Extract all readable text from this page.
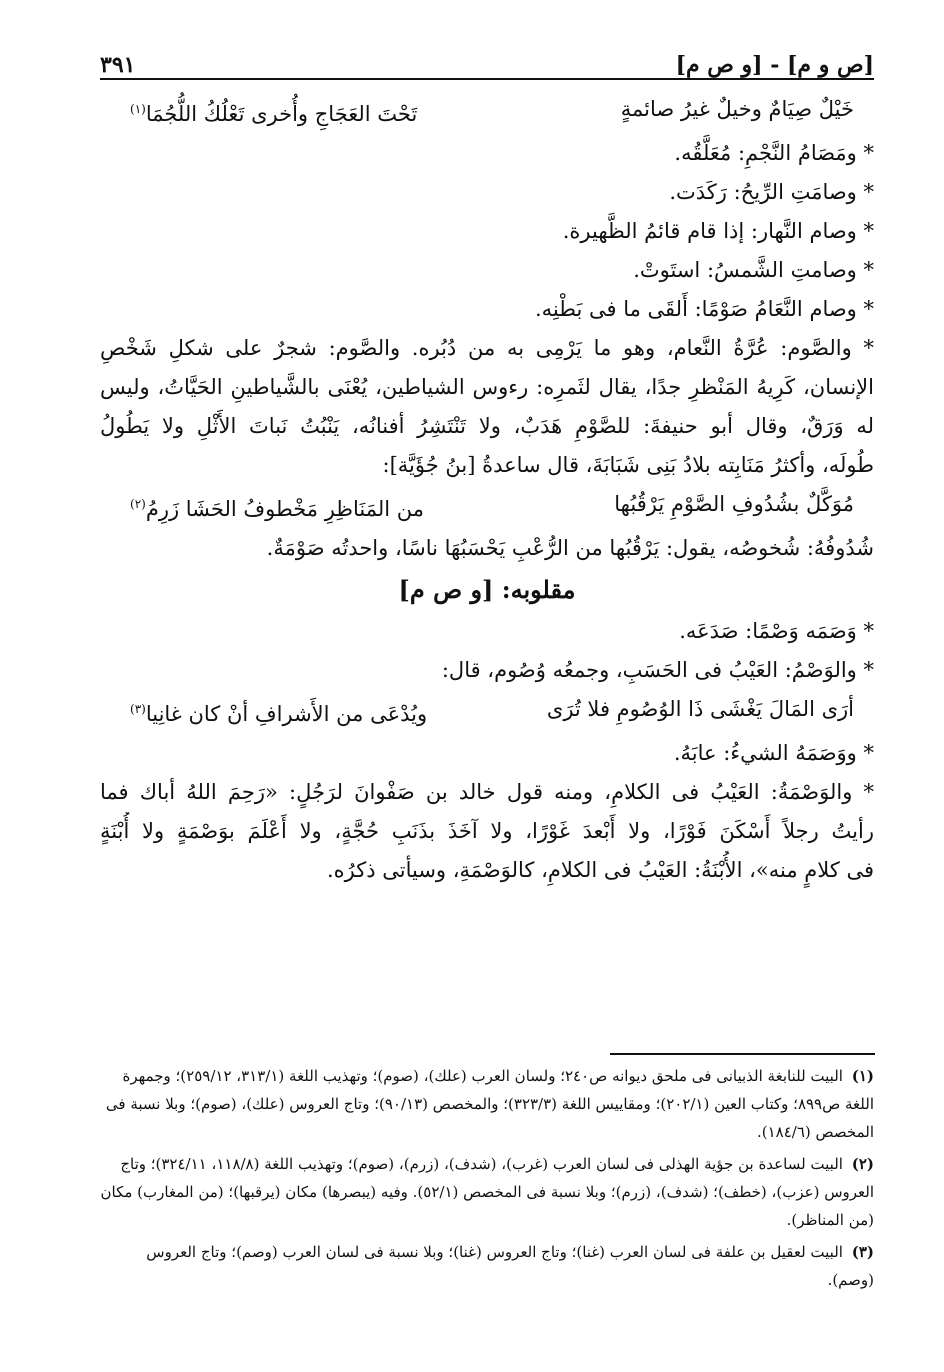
[ص و م] - [و ص م]
٣٩١
خَيْلٌ صِيَامٌ وخيلٌ غيرُ صائمةٍ
تَحْتَ العَجَاجِ وأُخرى تَعْلُكُ اللُّجُمَا$^{(١)}$
* ومَصَامُ النَّجْمِ: مُعَلَّقُه.
* وصامَتِ الرِّيحُ: رَكَدَت.
* وصام النَّهار: إذا قام قائمُ الظَّهيرة.
* وصامتِ الشَّمسُ: استَوتْ.
* وصام النَّعَامُ صَوْمًا: أَلقَى ما فى بَطْنِه.
* والصَّوم: عُرَّةُ النَّعام، وهو ما يَرْمِى به من دُبُره. والصَّوم: شجرٌ على شكلِ شَخْصِ
الإنسان، كَرِيهُ المَنْظرِ جدًا، يقال لثَمرِه: رءوس الشياطين، يُعْنَى بالشَّياطينِ الحَيَّاتُ، وليس
له وَرَقٌ، وقال أبو حنيفةَ: للصَّوْمِ هَدَبٌ، ولا تَنْتَشِرُ أفنانُه، يَنْبُتُ نَباتَ الأَثْلِ ولا يَطُولُ
طُولَه، وأكثرُ مَنَابِته بلادُ بَنِى شَبَابَةَ، قال ساعدةُ [بنُ جُؤَيَّة]:
مُوَكَّلٌ بشُدُوفِ الصَّوْمِ يَرْقُبُها
من المَنَاظِرِ مَخْطوفُ الحَشَا زَرِمُ$^{(٢)}$
شُدُوفُهُ: شُخوصُه، يقول: يَرْقُبُها من الرُّعْبِ يَحْسَبُهَا ناسًا، واحدتُه صَوْمَةٌ.
مقلوبه: [و ص م]
* وَصَمَه وَصْمًا: صَدَعَه.
* والوَصْمُ: العَيْبُ فى الحَسَبِ، وجمعُه وُصُوم، قال:
أرَى المَالَ يَغْشَى ذَا الوُصُومِ فلا تُرَى
ويُدْعَى من الأَشرافِ أنْ كان غانِيا$^{(٣)}$
* ووَصَمَهُ الشيءُ: عابَهُ.
* والوَصْمَةُ: العَيْبُ فى الكلامِ، ومنه قول خالد بن صَفْوانَ لرَجُلٍ: «رَحِمَ اللهُ أباك فما
رأيتُ رجلاً أَسْكَنَ فَوْرًا، ولا أَبْعدَ غَوْرًا، ولا آخَذَ بذَنَبِ حُجَّةٍ، ولا أَعْلَمَ بوَصْمَةٍ ولا أُبْنَةٍ
فى كلامٍ منه»، الأُبْنَةُ: العَيْبُ فى الكلامِ، كالوَصْمَةِ، وسيأتى ذكرُه.
(١) البيت للنابغة الذبيانى فى ملحق ديوانه ص٢٤٠؛ ولسان العرب (علك)، (صوم)؛ وتهذيب اللغة (٣١٣/١، ٢٥٩/١٢)؛ وجمهرة اللغة ص٨٩٩؛ وكتاب العين (٢٠٢/١)؛ ومقاييس اللغة (٣٢٣/٣)؛ والمخصص (٩٠/١٣)؛ وتاج العروس (علك)، (صوم)؛ وبلا نسبة فى المخصص (١٨٤/٦).
(٢) البيت لساعدة بن جؤية الهذلى فى لسان العرب (غرب)، (شدف)، (زرم)، (صوم)؛ وتهذيب اللغة (١١٨/٨، ٣٢٤/١١)؛ وتاج العروس (عزب)، (خطف)؛ (شدف)، (زرم)؛ وبلا نسبة فى المخصص (٥٢/١). وفيه (يبصرها) مكان (يرقبها)؛ (من المغارب) مكان (من المناظر).
(٣) البيت لعقيل بن علفة فى لسان العرب (غنا)؛ وتاج العروس (غنا)؛ وبلا نسبة فى لسان العرب (وصم)؛ وتاج العروس (وصم).
